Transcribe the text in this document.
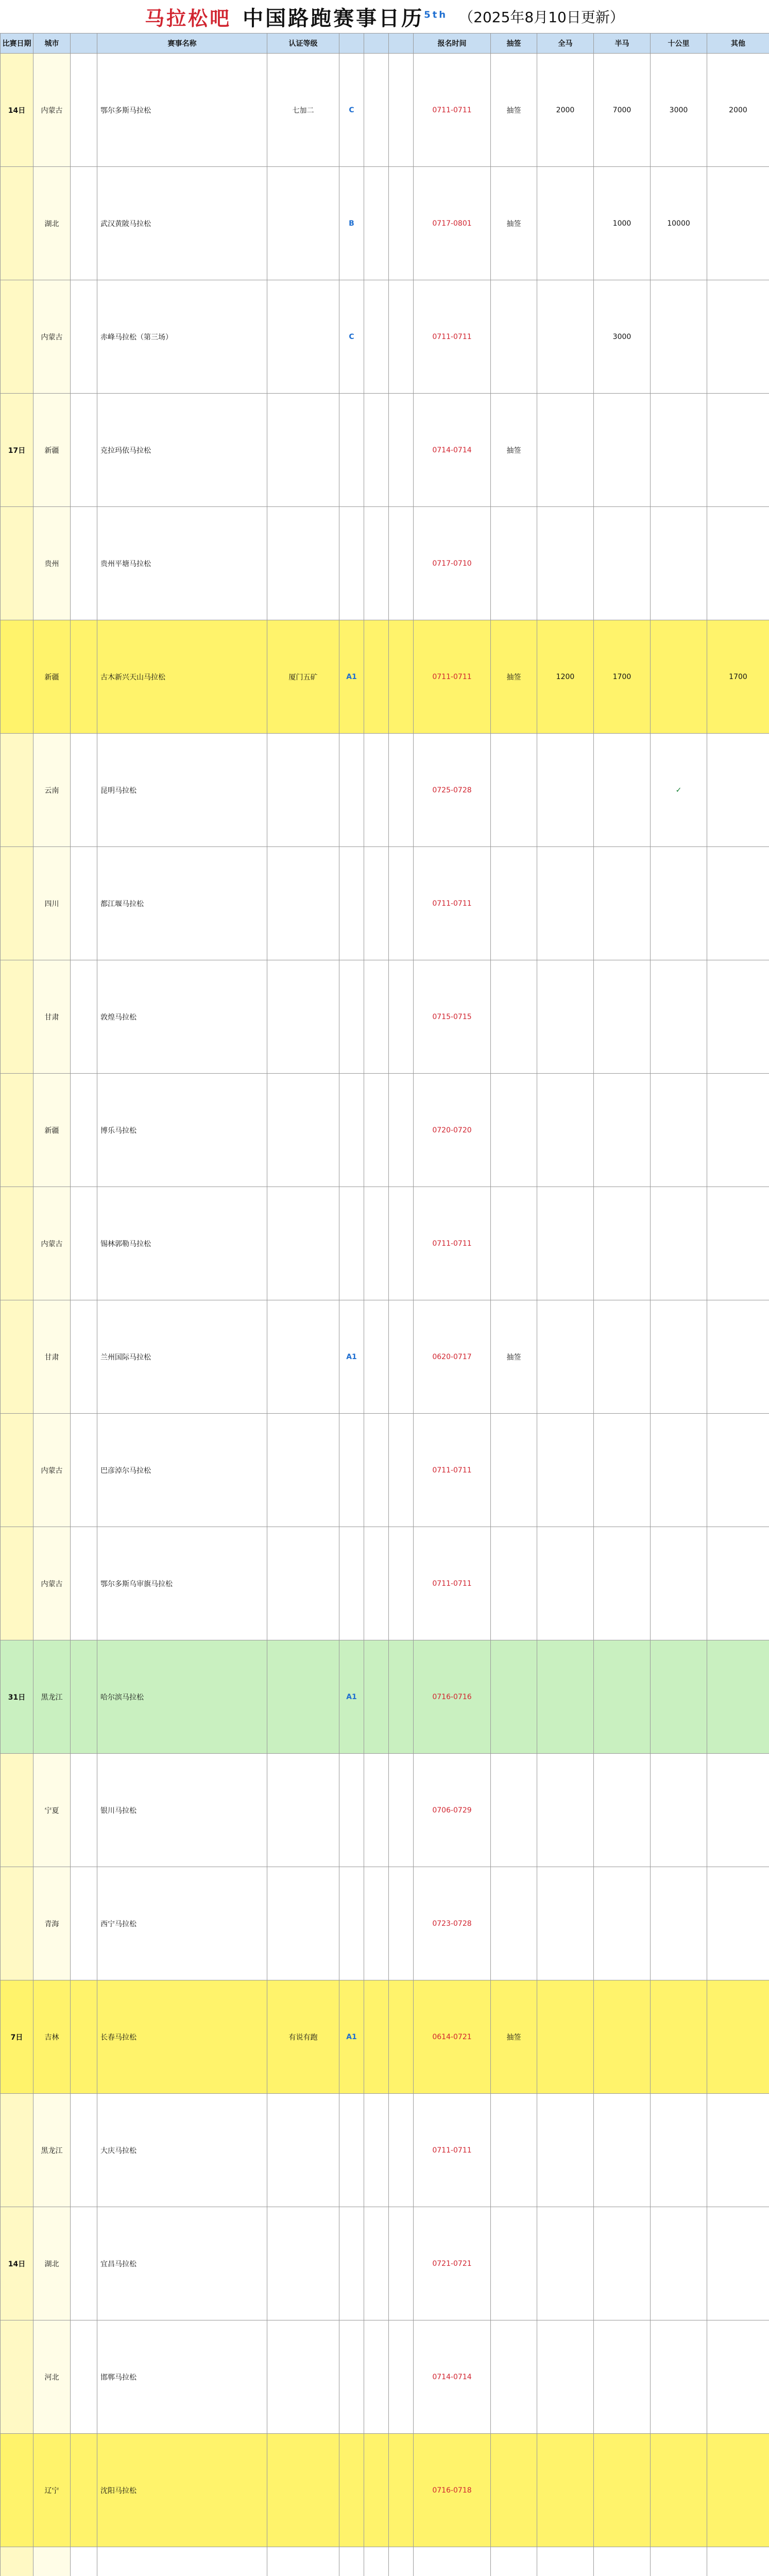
马拉松吧 中国路跑赛事日历$^{5th}$ （2025年8月10日更新）
比赛日期	城市		赛事名称	认证等级				报名时间	抽签	全马	半马	十公里	其他
14日	内蒙古		鄂尔多斯马拉松	七加二	C			0711-0711	抽签	2000	7000	3000	2000
	湖北		武汉黄陂马拉松		B			0717-0801	抽签		1000	10000	
	内蒙古		赤峰马拉松（第三场）		C			0711-0711			3000		
17日	新疆		克拉玛依马拉松					0714-0714	抽签				
	贵州		贵州平塘马拉松					0717-0710					
	新疆		古木新兴天山马拉松	厦门五矿	A1			0711-0711	抽签	1200	1700		1700
	云南		昆明马拉松					0725-0728				✓	
	四川		都江堰马拉松					0711-0711					
	甘肃		敦煌马拉松					0715-0715					
	新疆		博乐马拉松					0720-0720					
	内蒙古		锡林郭勒马拉松					0711-0711					
	甘肃		兰州国际马拉松		A1			0620-0717	抽签				
	内蒙古		巴彦淖尔马拉松					0711-0711					
	内蒙古		鄂尔多斯乌审旗马拉松					0711-0711					
31日	黑龙江		哈尔滨马拉松		A1			0716-0716					
	宁夏		银川马拉松					0706-0729					
	青海		西宁马拉松					0723-0728					
7日	吉林		长春马拉松	有说有跑	A1			0614-0721	抽签				
	黑龙江		大庆马拉松					0711-0711					
14日	湖北		宜昌马拉松					0721-0721					
	河北		邯郸马拉松					0714-0714					
	辽宁		沈阳马拉松					0716-0718					
